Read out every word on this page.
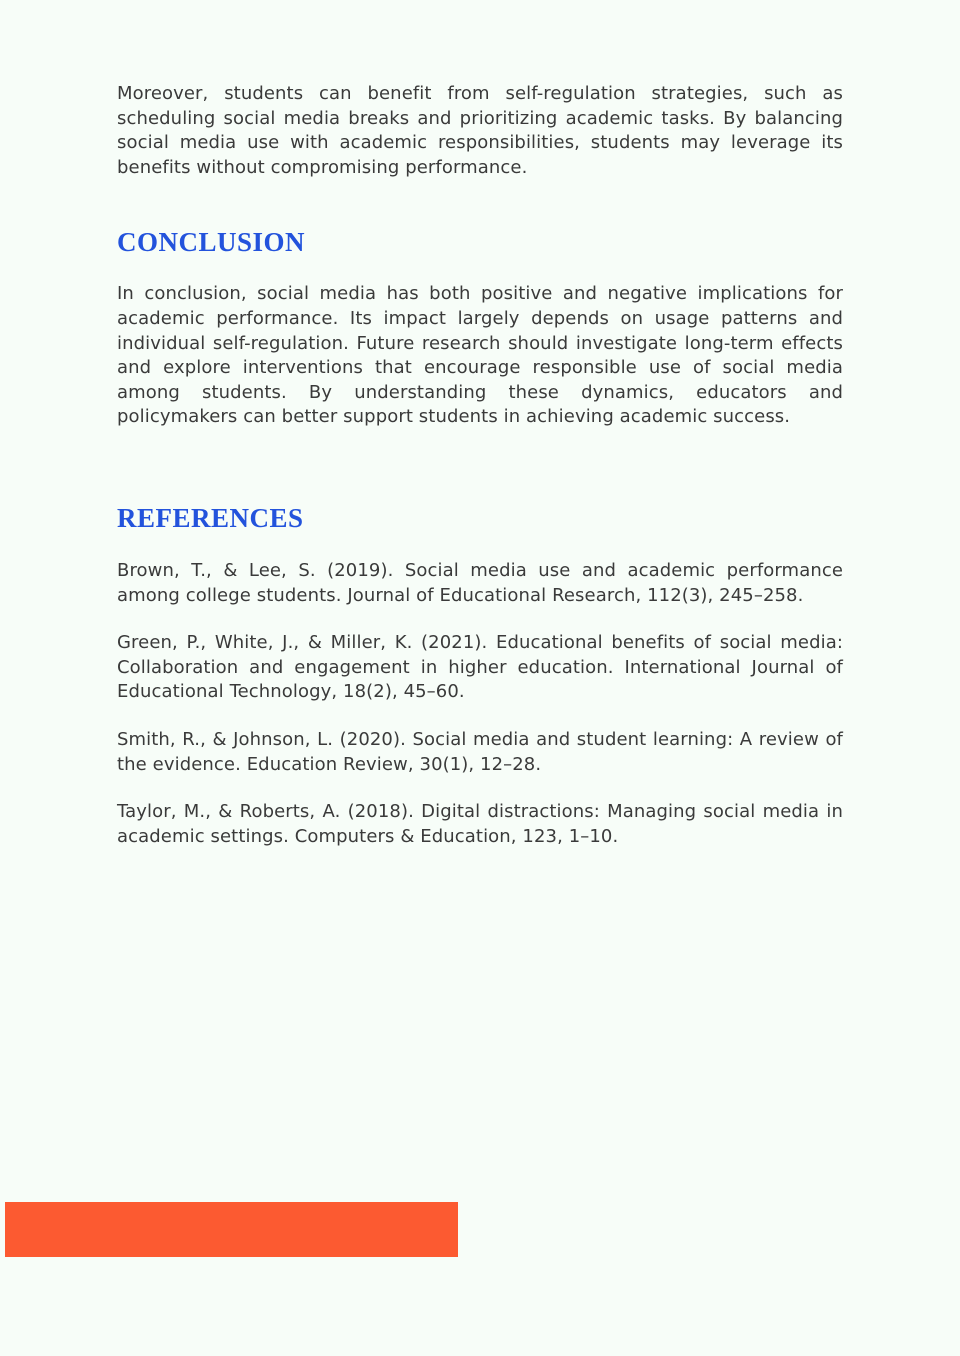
Moreover, students can benefit from self-regulation strategies, such as scheduling social media breaks and prioritizing academic tasks. By balancing social media use with academic responsibilities, students may leverage its benefits without compromising performance.

CONCLUSION

In conclusion, social media has both positive and negative implications for academic performance. Its impact largely depends on usage patterns and individual self-regulation. Future research should investigate long-term effects and explore interventions that encourage responsible use of social media among students. By understanding these dynamics, educators and policymakers can better support students in achieving academic success.

REFERENCES

Brown, T., & Lee, S. (2019). Social media use and academic performance among college students. Journal of Educational Research, 112(3), 245–258.

Green, P., White, J., & Miller, K. (2021). Educational benefits of social media: Collaboration and engagement in higher education. International Journal of Educational Technology, 18(2), 45–60.

Smith, R., & Johnson, L. (2020). Social media and student learning: A review of the evidence. Education Review, 30(1), 12–28.

Taylor, M., & Roberts, A. (2018). Digital distractions: Managing social media in academic settings. Computers & Education, 123, 1–10.
